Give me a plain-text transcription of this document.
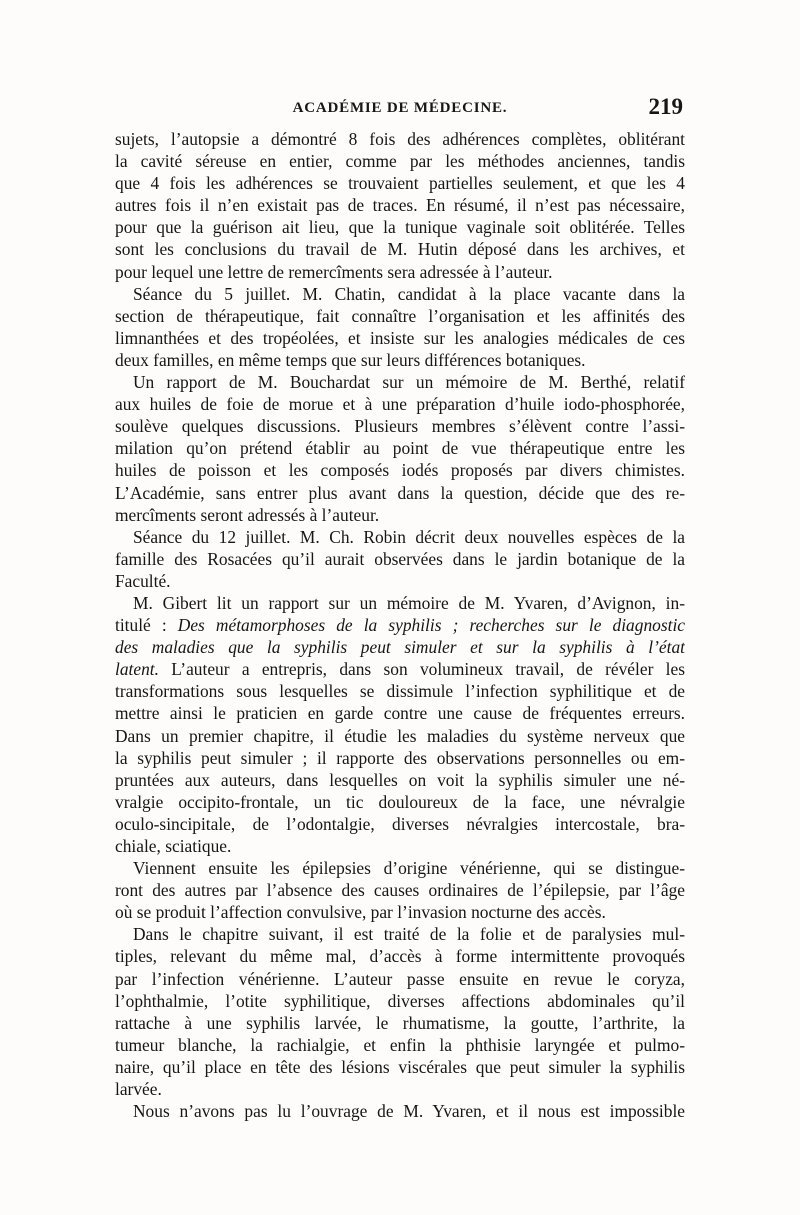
ACADÉMIE DE MÉDECINE.	219
sujets, l’autopsie a démontré 8 fois des adhérences complètes, oblitérant
la cavité séreuse en entier, comme par les méthodes anciennes, tandis
que 4 fois les adhérences se trouvaient partielles seulement, et que les 4
autres fois il n’en existait pas de traces. En résumé, il n’est pas nécessaire,
pour que la guérison ait lieu, que la tunique vaginale soit oblitérée. Telles
sont les conclusions du travail de M. Hutin déposé dans les archives, et
pour lequel une lettre de remercîments sera adressée à l’auteur.
Séance du 5 juillet. M. Chatin, candidat à la place vacante dans la
section de thérapeutique, fait connaître l’organisation et les affinités des
limnanthées et des tropéolées, et insiste sur les analogies médicales de ces
deux familles, en même temps que sur leurs différences botaniques.
Un rapport de M. Bouchardat sur un mémoire de M. Berthé, relatif
aux huiles de foie de morue et à une préparation d’huile iodo-phosphorée,
soulève quelques discussions. Plusieurs membres s’élèvent contre l’assi-
milation qu’on prétend établir au point de vue thérapeutique entre les
huiles de poisson et les composés iodés proposés par divers chimistes.
L’Académie, sans entrer plus avant dans la question, décide que des re-
mercîments seront adressés à l’auteur.
Séance du 12 juillet. M. Ch. Robin décrit deux nouvelles espèces de la
famille des Rosacées qu’il aurait observées dans le jardin botanique de la
Faculté.
M. Gibert lit un rapport sur un mémoire de M. Yvaren, d’Avignon, in-
titulé : Des métamorphoses de la syphilis ; recherches sur le diagnostic
des maladies que la syphilis peut simuler et sur la syphilis à l’état
latent. L’auteur a entrepris, dans son volumineux travail, de révéler les
transformations sous lesquelles se dissimule l’infection syphilitique et de
mettre ainsi le praticien en garde contre une cause de fréquentes erreurs.
Dans un premier chapitre, il étudie les maladies du système nerveux que
la syphilis peut simuler ; il rapporte des observations personnelles ou em-
pruntées aux auteurs, dans lesquelles on voit la syphilis simuler une né-
vralgie occipito-frontale, un tic douloureux de la face, une névralgie
oculo-sincipitale, de l’odontalgie, diverses névralgies intercostale, bra-
chiale, sciatique.
Viennent ensuite les épilepsies d’origine vénérienne, qui se distingue-
ront des autres par l’absence des causes ordinaires de l’épilepsie, par l’âge
où se produit l’affection convulsive, par l’invasion nocturne des accès.
Dans le chapitre suivant, il est traité de la folie et de paralysies mul-
tiples, relevant du même mal, d’accès à forme intermittente provoqués
par l’infection vénérienne. L’auteur passe ensuite en revue le coryza,
l’ophthalmie, l’otite syphilitique, diverses affections abdominales qu’il
rattache à une syphilis larvée, le rhumatisme, la goutte, l’arthrite, la
tumeur blanche, la rachialgie, et enfin la phthisie laryngée et pulmo-
naire, qu’il place en tête des lésions viscérales que peut simuler la syphilis
larvée.
Nous n’avons pas lu l’ouvrage de M. Yvaren, et il nous est impossible
